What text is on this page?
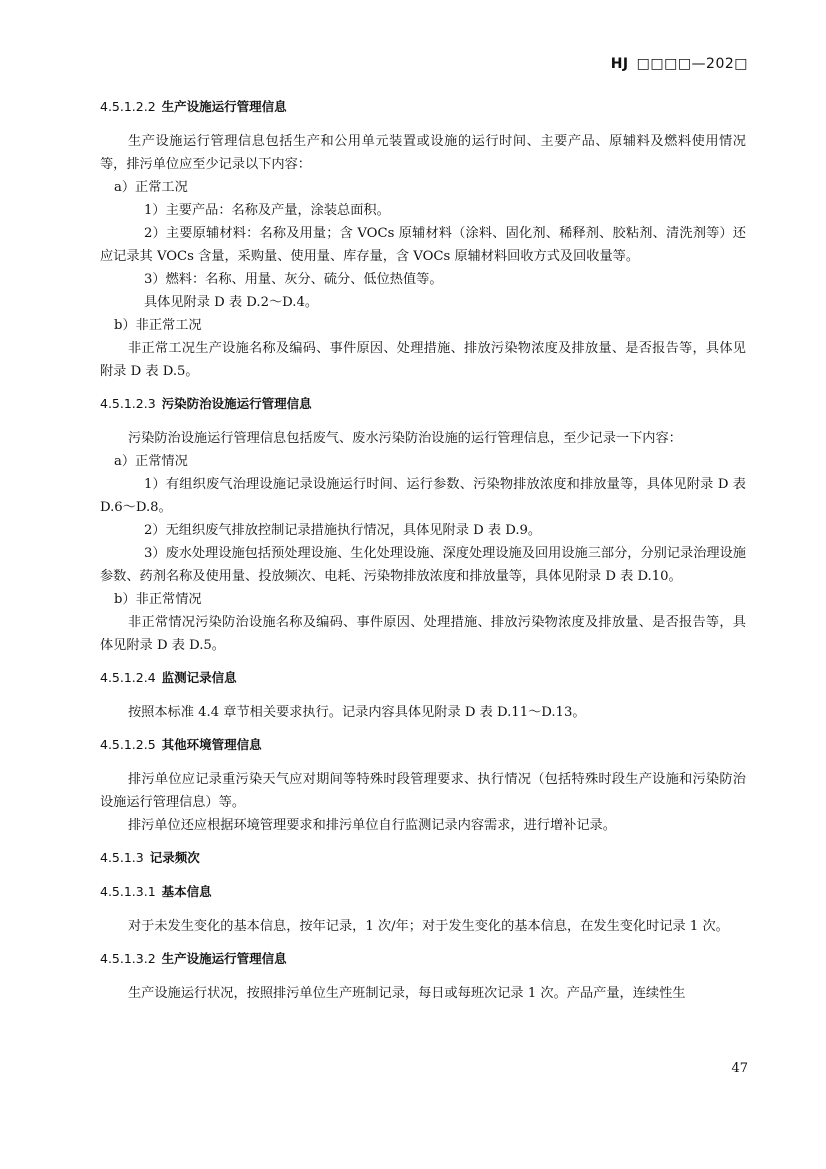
HJ □□□□—202□
4.5.1.2.2 生产设施运行管理信息

生产设施运行管理信息包括生产和公用单元装置或设施的运行时间、主要产品、原辅料及燃料使用情况等，排污单位应至少记录以下内容：

a）正常工况

1）主要产品：名称及产量，涂装总面积。

2）主要原辅材料：名称及用量；含 VOCs 原辅材料（涂料、固化剂、稀释剂、胶粘剂、清洗剂等）还应记录其 VOCs 含量，采购量、使用量、库存量，含 VOCs 原辅材料回收方式及回收量等。

3）燃料：名称、用量、灰分、硫分、低位热值等。

具体见附录 D 表 D.2～D.4。

b）非正常工况

非正常工况生产设施名称及编码、事件原因、处理措施、排放污染物浓度及排放量、是否报告等，具体见附录 D 表 D.5。

4.5.1.2.3 污染防治设施运行管理信息

污染防治设施运行管理信息包括废气、废水污染防治设施的运行管理信息，至少记录一下内容：

a）正常情况

1）有组织废气治理设施记录设施运行时间、运行参数、污染物排放浓度和排放量等，具体见附录 D 表 D.6～D.8。

2）无组织废气排放控制记录措施执行情况，具体见附录 D 表 D.9。

3）废水处理设施包括预处理设施、生化处理设施、深度处理设施及回用设施三部分，分别记录治理设施参数、药剂名称及使用量、投放频次、电耗、污染物排放浓度和排放量等，具体见附录 D 表 D.10。

b）非正常情况

非正常情况污染防治设施名称及编码、事件原因、处理措施、排放污染物浓度及排放量、是否报告等，具体见附录 D 表 D.5。

4.5.1.2.4 监测记录信息

按照本标准 4.4 章节相关要求执行。记录内容具体见附录 D 表 D.11～D.13。

4.5.1.2.5 其他环境管理信息

排污单位应记录重污染天气应对期间等特殊时段管理要求、执行情况（包括特殊时段生产设施和污染防治设施运行管理信息）等。

排污单位还应根据环境管理要求和排污单位自行监测记录内容需求，进行增补记录。

4.5.1.3 记录频次
4.5.1.3.1 基本信息

对于未发生变化的基本信息，按年记录，1 次/年；对于发生变化的基本信息，在发生变化时记录 1 次。

4.5.1.3.2 生产设施运行管理信息

生产设施运行状况，按照排污单位生产班制记录，每日或每班次记录 1 次。产品产量，连续性生

47
